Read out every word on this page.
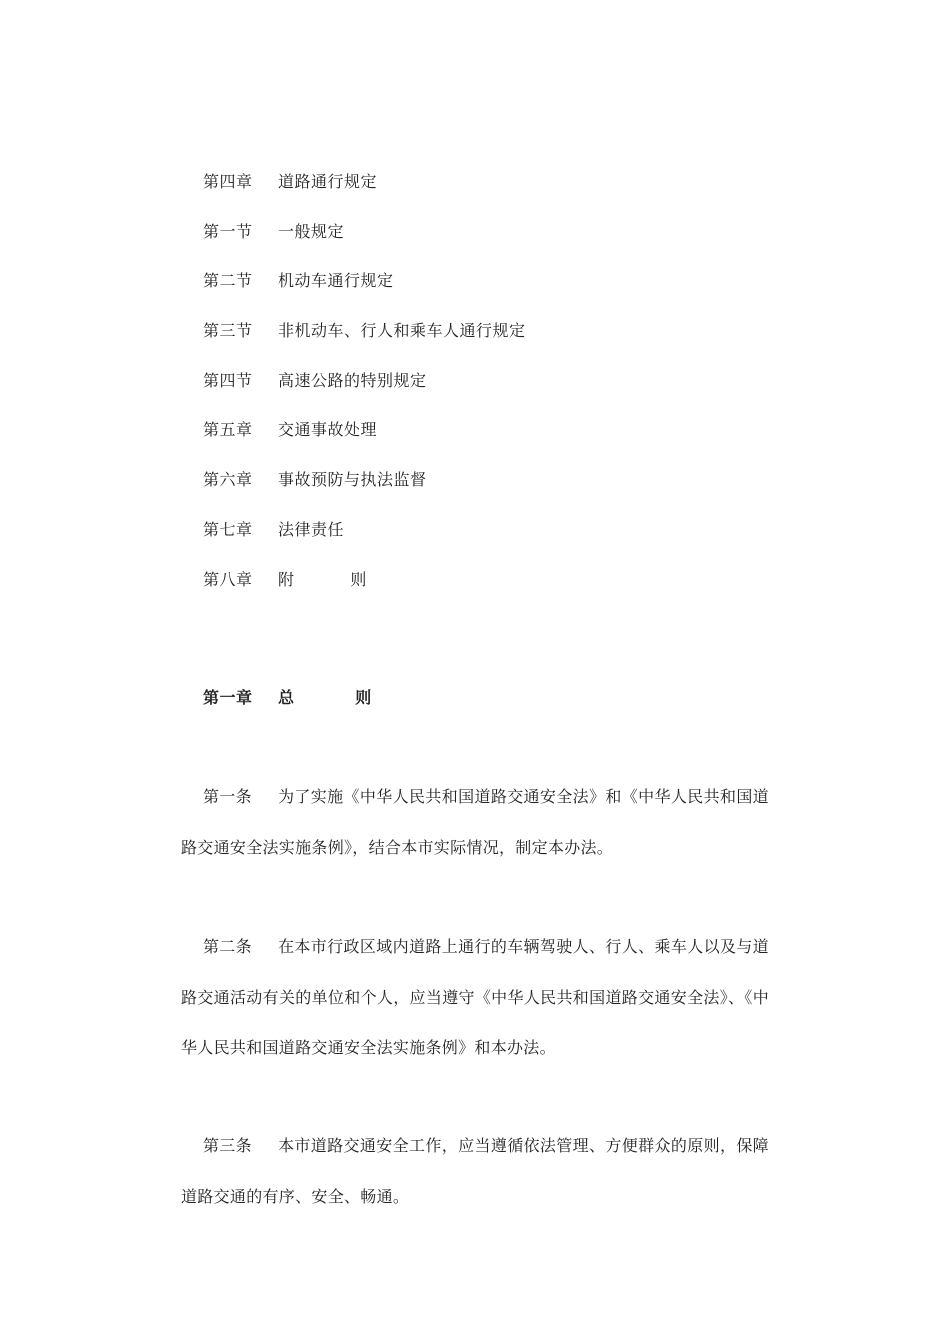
第四章	道路通行规定
第一节	一般规定
第二节	机动车通行规定
第三节	非机动车、行人和乘车人通行规定
第四节	高速公路的特别规定
第五章	交通事故处理
第六章	事故预防与执法监督
第七章	法律责任
第八章	附          则
第一章	总          则
第一条 为了实施《中华人民共和国道路交通安全法》和《中华人民共和国道路交通安全法实施条例》，结合本市实际情况，制定本办法。
第二条 在本市行政区域内道路上通行的车辆驾驶人、行人、乘车人以及与道路交通活动有关的单位和个人，应当遵守《中华人民共和国道路交通安全法》、《中华人民共和国道路交通安全法实施条例》和本办法。
第三条 本市道路交通安全工作，应当遵循依法管理、方便群众的原则，保障道路交通的有序、安全、畅通。
